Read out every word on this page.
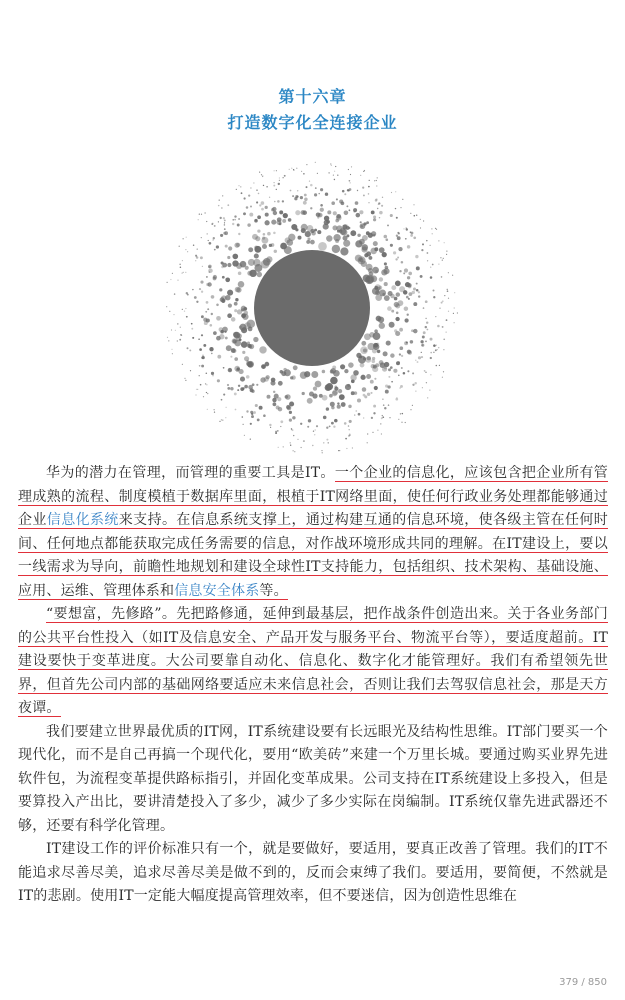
第十六章
打造数字化全连接企业

华为的潜力在管理，而管理的重要工具是IT。一个企业的信息化，应该包含把企业所有管理成熟的流程、制度模植于数据库里面，根植于IT网络里面，使任何行政业务处理都能够通过企业信息化系统来支持。在信息系统支撑上，通过构建互通的信息环境，使各级主管在任何时间、任何地点都能获取完成任务需要的信息，对作战环境形成共同的理解。在IT建设上，要以一线需求为导向，前瞻性地规划和建设全球性IT支持能力，包括组织、技术架构、基础设施、应用、运维、管理体系和信息安全体系等。

“要想富，先修路”。先把路修通，延伸到最基层，把作战条件创造出来。关于各业务部门的公共平台性投入（如IT及信息安全、产品开发与服务平台、物流平台等），要适度超前。IT建设要快于变革进度。大公司要靠自动化、信息化、数字化才能管理好。我们有希望领先世界，但首先公司内部的基础网络要适应未来信息社会，否则让我们去驾驭信息社会，那是天方夜谭。

我们要建立世界最优质的IT网，IT系统建设要有长远眼光及结构性思维。IT部门要买一个现代化，而不是自己再搞一个现代化，要用“欧美砖”来建一个万里长城。要通过购买业界先进软件包，为流程变革提供路标指引，并固化变革成果。公司支持在IT系统建设上多投入，但是要算投入产出比，要讲清楚投入了多少，减少了多少实际在岗编制。IT系统仅靠先进武器还不够，还要有科学化管理。

IT建设工作的评价标准只有一个，就是要做好，要适用，要真正改善了管理。我们的IT不能追求尽善尽美，追求尽善尽美是做不到的，反而会束缚了我们。要适用，要简便，不然就是IT的悲剧。使用IT一定能大幅度提高管理效率，但不要迷信，因为创造性思维在

379 / 850
